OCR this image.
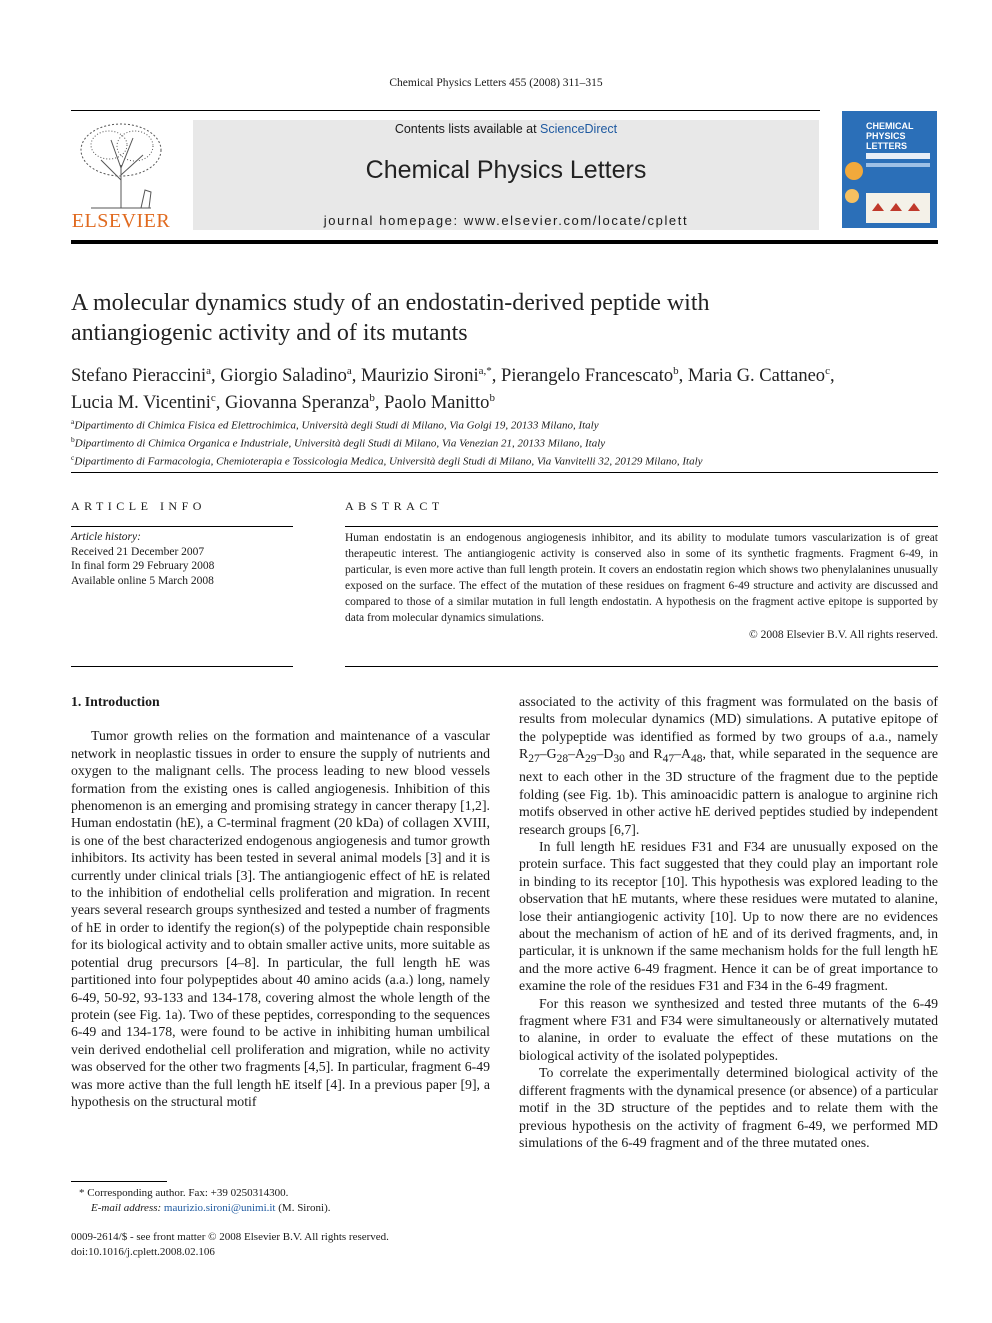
Chemical Physics Letters 455 (2008) 311–315
ELSEVIER
Contents lists available at ScienceDirect
Chemical Physics Letters
journal homepage: www.elsevier.com/locate/cplett
CHEMICAL
PHYSICS
LETTERS
A molecular dynamics study of an endostatin-derived peptide with
antiangiogenic activity and of its mutants
Stefano Pieraccini$^a$, Giorgio Saladino$^a$, Maurizio Sironi$^{a,*}$, Pierangelo Francescato$^b$, Maria G. Cattaneo$^c$,
Lucia M. Vicentini$^c$, Giovanna Speranza$^b$, Paolo Manitto$^b$
$^a$Dipartimento di Chimica Fisica ed Elettrochimica, Università degli Studi di Milano, Via Golgi 19, 20133 Milano, Italy
$^b$Dipartimento di Chimica Organica e Industriale, Università degli Studi di Milano, Via Venezian 21, 20133 Milano, Italy
$^c$Dipartimento di Farmacologia, Chemioterapia e Tossicologia Medica, Università degli Studi di Milano, Via Vanvitelli 32, 20129 Milano, Italy
ARTICLE INFO
Article history:
Received 21 December 2007
In final form 29 February 2008
Available online 5 March 2008
ABSTRACT
Human endostatin is an endogenous angiogenesis inhibitor, and its ability to modulate tumors vascularization is of great therapeutic interest. The antiangiogenic activity is conserved also in some of its synthetic fragments. Fragment 6-49, in particular, is even more active than full length protein. It covers an endostatin region which shows two phenylalanines unusually exposed on the surface. The effect of the mutation of these residues on fragment 6-49 structure and activity are discussed and compared to those of a similar mutation in full length endostatin. A hypothesis on the fragment active epitope is supported by data from molecular dynamics simulations.
© 2008 Elsevier B.V. All rights reserved.
1. Introduction

Tumor growth relies on the formation and maintenance of a vascular network in neoplastic tissues in order to ensure the supply of nutrients and oxygen to the malignant cells. The process leading to new blood vessels formation from the existing ones is called angiogenesis. Inhibition of this phenomenon is an emerging and promising strategy in cancer therapy [1,2]. Human endostatin (hE), a C-terminal fragment (20 kDa) of collagen XVIII, is one of the best characterized endogenous angiogenesis and tumor growth inhibitors. Its activity has been tested in several animal models [3] and it is currently under clinical trials [3]. The antiangiogenic effect of hE is related to the inhibition of endothelial cells proliferation and migration. In recent years several research groups synthesized and tested a number of fragments of hE in order to identify the region(s) of the polypeptide chain responsible for its biological activity and to obtain smaller active units, more suitable as potential drug precursors [4–8]. In particular, the full length hE was partitioned into four polypeptides about 40 amino acids (a.a.) long, namely 6-49, 50-92, 93-133 and 134-178, covering almost the whole length of the protein (see Fig. 1a). Two of these peptides, corresponding to the sequences 6-49 and 134-178, were found to be active in inhibiting human umbilical vein derived endothelial cell proliferation and migration, while no activity was observed for the other two fragments [4,5]. In particular, fragment 6-49 was more active than the full length hE itself [4]. In a previous paper [9], a hypothesis on the structural motif

associated to the activity of this fragment was formulated on the basis of results from molecular dynamics (MD) simulations. A putative epitope of the polypeptide was identified as formed by two groups of a.a., namely $R_{27}-G_{28}-A_{29}-D_{30}$ and $R_{47}-A_{48}$, that, while separated in the sequence are next to each other in the 3D structure of the fragment due to the peptide folding (see Fig. 1b). This aminoacidic pattern is analogue to arginine rich motifs observed in other active hE derived peptides studied by independent research groups [6,7].

In full length hE residues F31 and F34 are unusually exposed on the protein surface. This fact suggested that they could play an important role in binding to its receptor [10]. This hypothesis was explored leading to the observation that hE mutants, where these residues were mutated to alanine, lose their antiangiogenic activity [10]. Up to now there are no evidences about the mechanism of action of hE and of its derived fragments, and, in particular, it is unknown if the same mechanism holds for the full length hE and the more active 6-49 fragment. Hence it can be of great importance to examine the role of the residues F31 and F34 in the 6-49 fragment.

For this reason we synthesized and tested three mutants of the 6-49 fragment where F31 and F34 were simultaneously or alternatively mutated to alanine, in order to evaluate the effect of these mutations on the biological activity of the isolated polypeptides.

To correlate the experimentally determined biological activity of the different fragments with the dynamical presence (or absence) of a particular motif in the 3D structure of the peptides and to relate them with the previous hypothesis on the activity of fragment 6-49, we performed MD simulations of the 6-49 fragment and of the three mutated ones.

* Corresponding author. Fax: +39 0250314300.
E-mail address: maurizio.sironi@unimi.it (M. Sironi).
0009-2614/$ - see front matter © 2008 Elsevier B.V. All rights reserved.
doi:10.1016/j.cplett.2008.02.106
